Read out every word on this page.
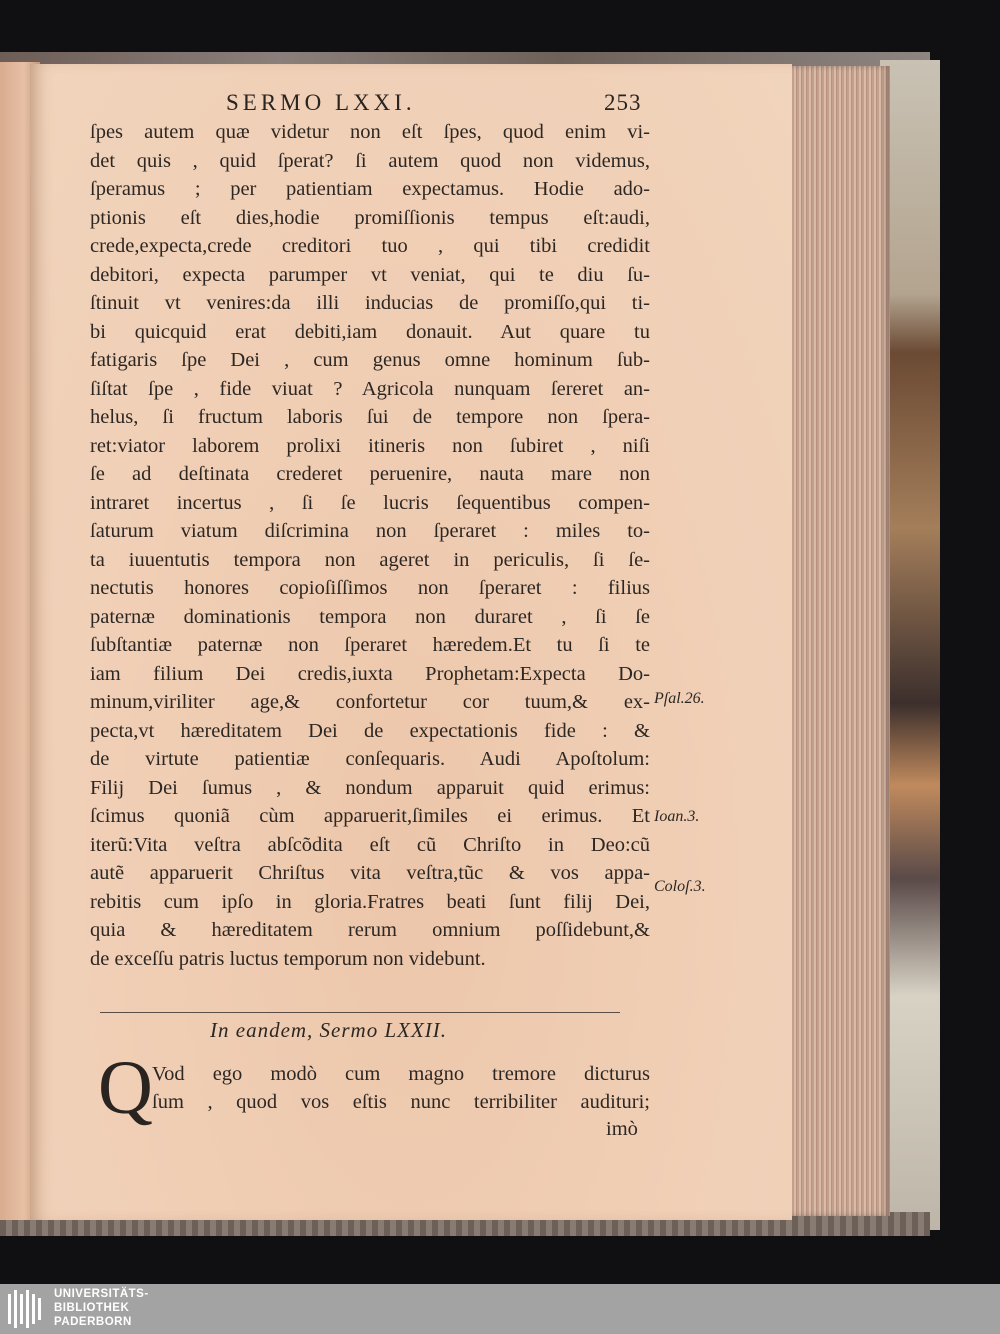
SERMO LXXI.	253
ſpes autem quæ videtur non eſt ſpes, quod enim vi-
det quis , quid ſperat? ſi autem quod non videmus,
ſperamus ; per patientiam expectamus. Hodie ado-
ptionis eſt dies,hodie promiſſionis tempus eſt:audi,
crede,expecta,crede creditori tuo , qui tibi credidit
debitori, expecta parumper vt veniat, qui te diu ſu-
ſtinuit vt venires:da illi inducias de promiſſo,qui ti-
bi quicquid erat debiti,iam donauit. Aut quare tu
fatigaris ſpe Dei , cum genus omne hominum ſub-
ſiſtat ſpe , fide viuat ? Agricola nunquam ſereret an-
helus, ſi fructum laboris ſui de tempore non ſpera-
ret:viator laborem prolixi itineris non ſubiret , niſi
ſe ad deſtinata crederet peruenire, nauta mare non
intraret incertus , ſi ſe lucris ſequentibus compen-
ſaturum viatum diſcrimina non ſperaret : miles to-
ta iuuentutis tempora non ageret in periculis, ſi ſe-
nectutis honores copioſiſſimos non ſperaret : filius
paternæ dominationis tempora non duraret , ſi ſe
ſubſtantiæ paternæ non ſperaret hæredem.Et tu ſi te
iam filium Dei credis,iuxta Prophetam:Expecta Do-
minum,viriliter age,& confortetur cor tuum,& ex-
pecta,vt hæreditatem Dei de expectationis fide : &
de virtute patientiæ conſequaris. Audi Apoſtolum:
Filij Dei ſumus , & nondum apparuit quid erimus:
ſcimus quoniã cùm apparuerit,ſimiles ei erimus. Et
iterũ:Vita veſtra abſcõdita eſt cũ Chriſto in Deo:cũ
autẽ apparuerit Chriſtus vita veſtra,tũc & vos appa-
rebitis cum ipſo in gloria.Fratres beati ſunt filij Dei,
quia & hæreditatem rerum omnium poſſidebunt,&
de exceſſu patris luctus temporum non videbunt.
Pſal.26.
Ioan.3.
Coloſ.3.
In eandem, Sermo LXXII.
Q Vod ego modò cum magno tremore dicturus
ſum , quod vos eſtis nunc terribiliter audituri;
imò
UNIVERSITÄTS-
BIBLIOTHEK
PADERBORN
